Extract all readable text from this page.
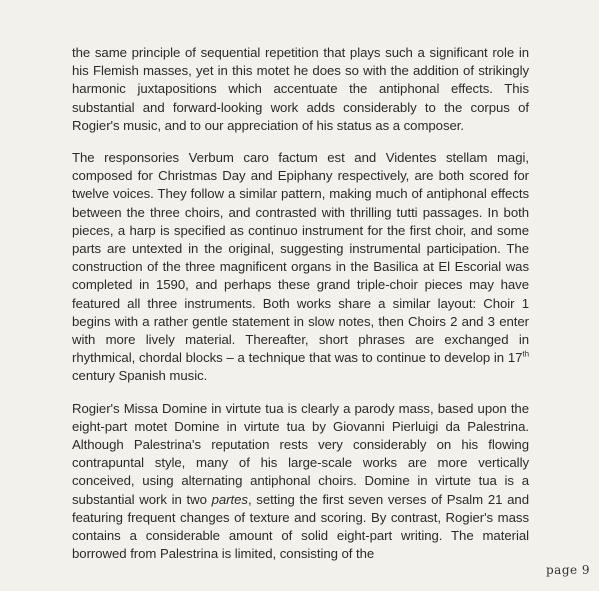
the same principle of sequential repetition that plays such a significant role in his Flemish masses, yet in this motet he does so with the addition of strikingly harmonic juxtapositions which accentuate the antiphonal effects. This substantial and forward-looking work adds considerably to the corpus of Rogier's music, and to our appreciation of his status as a composer.

The responsories Verbum caro factum est and Videntes stellam magi, composed for Christmas Day and Epiphany respectively, are both scored for twelve voices. They follow a similar pattern, making much of antiphonal effects between the three choirs, and contrasted with thrilling tutti passages. In both pieces, a harp is specified as continuo instrument for the first choir, and some parts are untexted in the original, suggesting instrumental participation. The construction of the three magnificent organs in the Basilica at El Escorial was completed in 1590, and perhaps these grand triple-choir pieces may have featured all three instruments. Both works share a similar layout: Choir 1 begins with a rather gentle statement in slow notes, then Choirs 2 and 3 enter with more lively material. Thereafter, short phrases are exchanged in rhythmical, chordal blocks – a technique that was to continue to develop in 17th century Spanish music.

Rogier's Missa Domine in virtute tua is clearly a parody mass, based upon the eight-part motet Domine in virtute tua by Giovanni Pierluigi da Palestrina. Although Palestrina's reputation rests very considerably on his flowing contrapuntal style, many of his large-scale works are more vertically conceived, using alternating antiphonal choirs. Domine in virtute tua is a substantial work in two partes, setting the first seven verses of Psalm 21 and featuring frequent changes of texture and scoring. By contrast, Rogier's mass contains a considerable amount of solid eight-part writing. The material borrowed from Palestrina is limited, consisting of the

page 9
